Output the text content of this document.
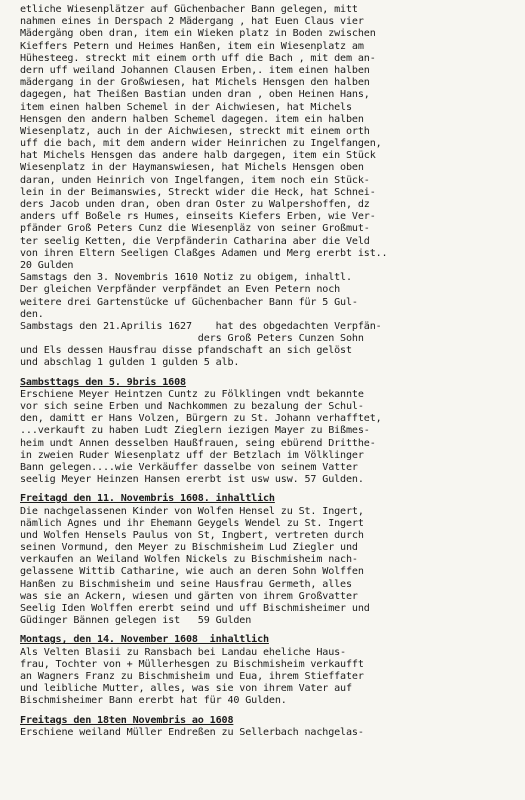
etliche Wiesenplätzer auf Güchenbacher Bann gelegen, mitt
nahmen eines in Derspach 2 Mädergang , hat Euen Claus vier
Mädergäng oben dran, item ein Wieken platz in Boden zwischen
Kieffers Petern und Heimes Hanßen, item ein Wiesenplatz am
Hühesteeg. streckt mit einem orth uff die Bach , mit dem an-
dern uff weiland Johannen Clausen Erben,. item einen halben
mädergang in der Großwiesen, hat Michels Hensgen den halben
dagegen, hat Theißen Bastian unden dran , oben Heinen Hans,
item einen halben Schemel in der Aichwiesen, hat Michels
Hensgen den andern halben Schemel dagegen. item ein halben
Wiesenplatz, auch in der Aichwiesen, streckt mit einem orth
uff die bach, mit dem andern wider Heinrichen zu Ingelfangen,
hat Michels Hensgen das andere halb dargegen, item ein Stück
Wiesenplatz in der Haymanswiesen, hat Michels Hensgen oben
daran, unden Heinrich von Ingelfangen, item noch ein Stück-
lein in der Beimanswies, Streckt wider die Heck, hat Schnei-
ders Jacob unden dran, oben dran Oster zu Walpershoffen, dz
anders uff Boßele rs Humes, einseits Kiefers Erben, wie Ver-
pfänder Groß Peters Cunz die Wiesenpläz von seiner Großmut-
ter seelig Ketten, die Verpfänderin Catharina aber die Veld
von ihren Eltern Seeligen Claßges Adamen und Merg ererbt ist..
20 Gulden
Samstags den 3. Novembris 1610 Notiz zu obigem, inhaltl.
Der gleichen Verpfänder verpfändet an Even Petern noch
weitere drei Gartenstücke uf Güchenbacher Bann für 5 Gul-
den.
Sambstags den 21.Aprilis 1627    hat des obgedachten Verpfän-
ders Groß Peters Cunzen Sohn
und Els dessen Hausfrau disse pfandschaft an sich gelöst
und abschlag 1 gulden 1 gulden 5 alb.
Sambsttags den 5. 9bris 1608
Erschiene Meyer Heintzen Cuntz zu Fölklingen vndt bekannte
vor sich seine Erben und Nachkommen zu bezalung der Schul-
den, damitt er Hans Volzen, Bürgern zu St. Johann verhafftet,
...verkauft zu haben Ludt Zieglern iezigen Mayer zu Bißmes-
heim undt Annen desselben Haußfrauen, seing ebürend Dritthe-
in zweien Ruder Wiesenplatz uff der Betzlach im Völklinger
Bann gelegen....wie Verkäuffer dasselbe von seinem Vatter
seelig Meyer Heinzen Hansen ererbt ist usw usw. 57 Gulden.
Freitagd den 11. Novembris 1608. inhaltlich
Die nachgelassenen Kinder von Wolfen Hensel zu St. Ingert,
nämlich Agnes und ihr Ehemann Geygels Wendel zu St. Ingert
und Wolfen Hensels Paulus von St, Ingbert, vertreten durch
seinen Vormund, den Meyer zu Bischmisheim Lud Ziegler und
verkaufen an Weiland Wolfen Nickels zu Bischmisheim nach-
gelassene Wittib Catharine, wie auch an deren Sohn Wolffen
Hanßen zu Bischmisheim und seine Hausfrau Germeth, alles
was sie an Äckern, wiesen und gärten von ihrem Großvatter
Seelig Iden Wolffen ererbt seind und uff Bischmisheimer und
Güdinger Bännen gelegen ist   59 Gulden
Montags, den 14. November 1608  inhaltlich
Als Velten Blasii zu Ransbach bei Landau eheliche Haus-
frau, Tochter von + Müllerhesgen zu Bischmisheim verkaufft
an Wagners Franz zu Bischmisheim und Eua, ihrem Stieffater
und leibliche Mutter, alles, was sie von ihrem Vater auf
Bischmisheimer Bann ererbt hat für 40 Gulden.
Freitags den 18ten Novembris ao 1608
Erschiene weiland Müller Endreßen zu Sellerbach nachgelas-
